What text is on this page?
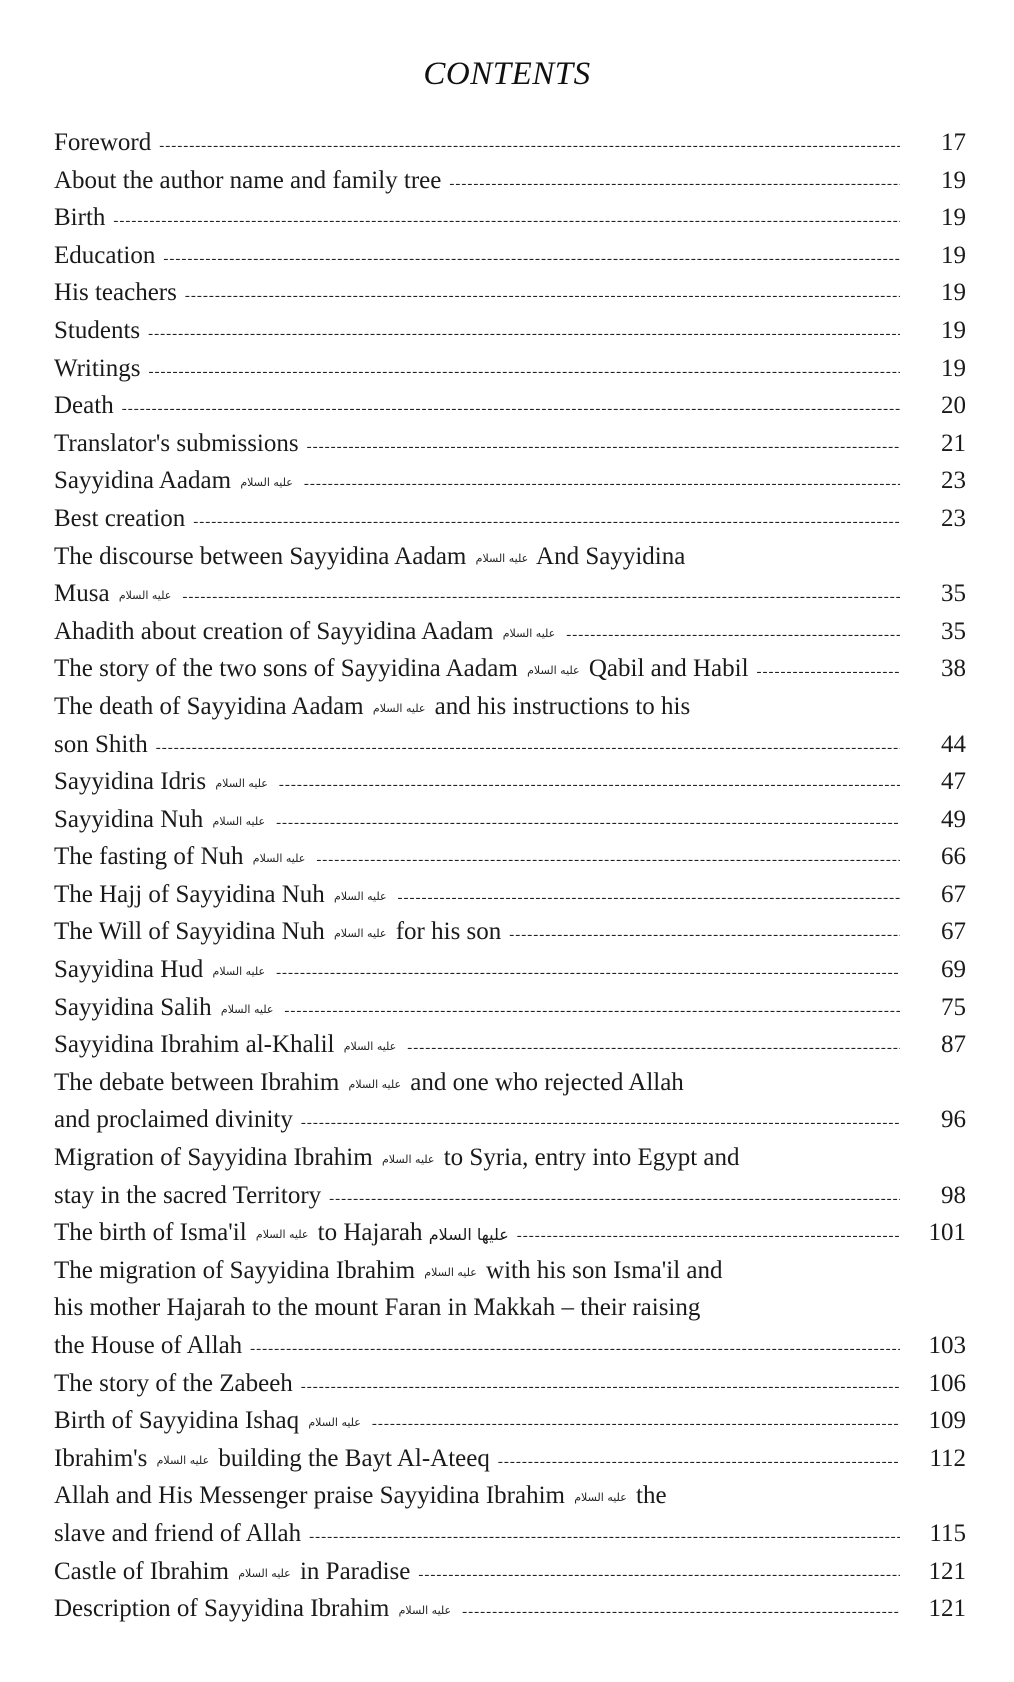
CONTENTS
Foreword -----	17
About the author name and family tree -----	19
Birth -----	19
Education -----	19
His teachers -----	19
Students -----	19
Writings -----	19
Death -----	20
Translator's submissions -----	21
Sayyidina Aadam عليه السلام -----	23
Best creation -----	23
The discourse between Sayyidina Aadam عليه السلام And Sayyidina
Musa عليه السلام -----	35
Ahadith about creation of Sayyidina Aadam عليه السلام -----	35
The story of the two sons of Sayyidina Aadam عليه السلام Qabil and Habil -----	38
The death of Sayyidina Aadam عليه السلام and his instructions to his
son Shith -----	44
Sayyidina Idris عليه السلام -----	47
Sayyidina Nuh عليه السلام -----	49
The fasting of Nuh عليه السلام -----	66
The Hajj of Sayyidina Nuh عليه السلام -----	67
The Will of Sayyidina Nuh عليه السلام for his son -----	67
Sayyidina Hud عليه السلام -----	69
Sayyidina Salih عليه السلام -----	75
Sayyidina Ibrahim al-Khalil عليه السلام -----	87
The debate between Ibrahim عليه السلام and one who rejected Allah
and proclaimed divinity -----	96
Migration of Sayyidina Ibrahim عليه السلام to Syria, entry into Egypt and
stay in the sacred Territory -----	98
The birth of Isma'il عليه السلام to Hajarah عليها السلام -----	101
The migration of Sayyidina Ibrahim عليه السلام with his son Isma'il and
his mother Hajarah to the mount Faran in Makkah – their raising
the House of Allah -----	103
The story of the Zabeeh -----	106
Birth of Sayyidina Ishaq عليه السلام -----	109
Ibrahim's عليه السلام building the Bayt Al-Ateeq -----	112
Allah and His Messenger praise Sayyidina Ibrahim عليه السلام the
slave and friend of Allah -----	115
Castle of Ibrahim عليه السلام in Paradise -----	121
Description of Sayyidina Ibrahim عليه السلام -----	121
